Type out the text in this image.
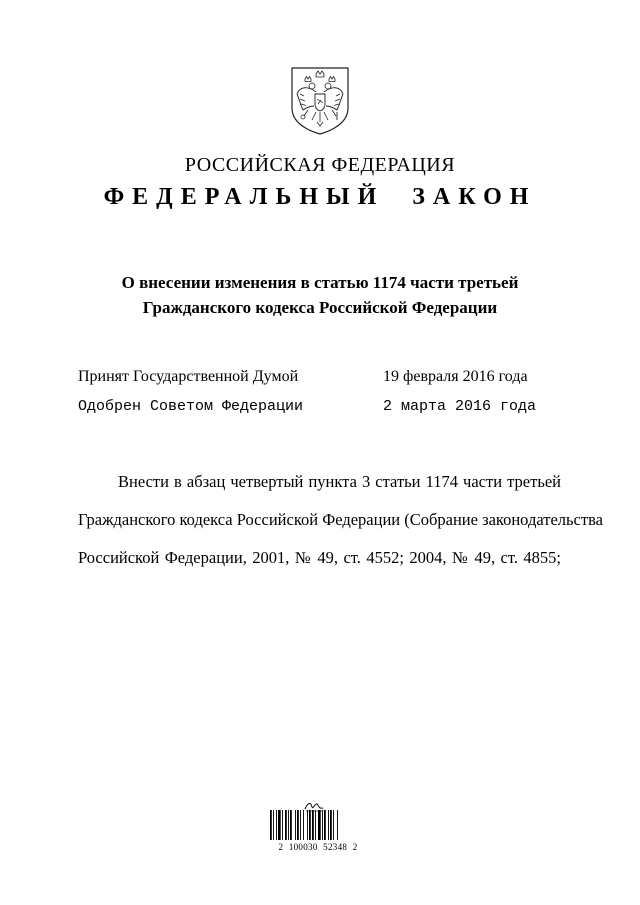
РОССИЙСКАЯ ФЕДЕРАЦИЯ
ФЕДЕРАЛЬНЫЙ ЗАКОН
О внесении изменения в статью 1174 части третьей
Гражданского кодекса Российской Федерации
Принят Государственной Думой	19 февраля 2016 года
Одобрен Советом Федерации	2 марта 2016 года
Внести в абзац четвертый пункта 3 статьи 1174 части третьей
Гражданского кодекса Российской Федерации (Собрание законодательства
Российской Федерации, 2001, № 49, ст. 4552; 2004, № 49, ст. 4855;
2 100030 52348 2
